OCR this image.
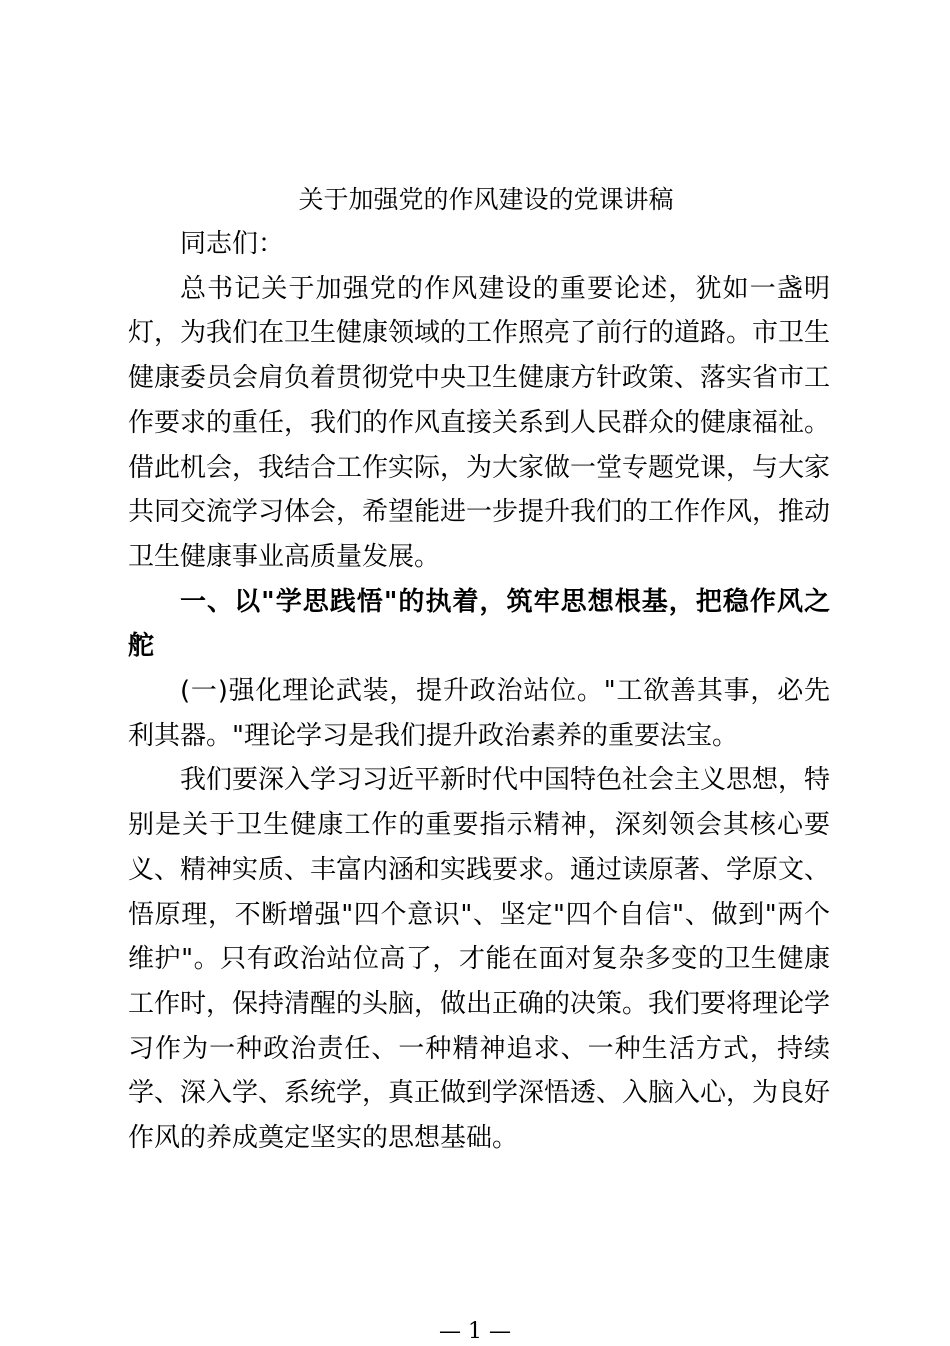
关于加强党的作风建设的党课讲稿

同志们：

总书记关于加强党的作风建设的重要论述，犹如一盏明灯，为我们在卫生健康领域的工作照亮了前行的道路。市卫生健康委员会肩负着贯彻党中央卫生健康方针政策、落实省市工作要求的重任，我们的作风直接关系到人民群众的健康福祉。借此机会，我结合工作实际，为大家做一堂专题党课，与大家共同交流学习体会，希望能进一步提升我们的工作作风，推动卫生健康事业高质量发展。

一、以"学思践悟"的执着，筑牢思想根基，把稳作风之舵

(一)强化理论武装，提升政治站位。"工欲善其事，必先利其器。"理论学习是我们提升政治素养的重要法宝。

我们要深入学习习近平新时代中国特色社会主义思想，特别是关于卫生健康工作的重要指示精神，深刻领会其核心要义、精神实质、丰富内涵和实践要求。通过读原著、学原文、悟原理，不断增强"四个意识"、坚定"四个自信"、做到"两个维护"。只有政治站位高了，才能在面对复杂多变的卫生健康工作时，保持清醒的头脑，做出正确的决策。我们要将理论学习作为一种政治责任、一种精神追求、一种生活方式，持续学、深入学、系统学，真正做到学深悟透、入脑入心，为良好作风的养成奠定坚实的思想基础。

— 1 —
